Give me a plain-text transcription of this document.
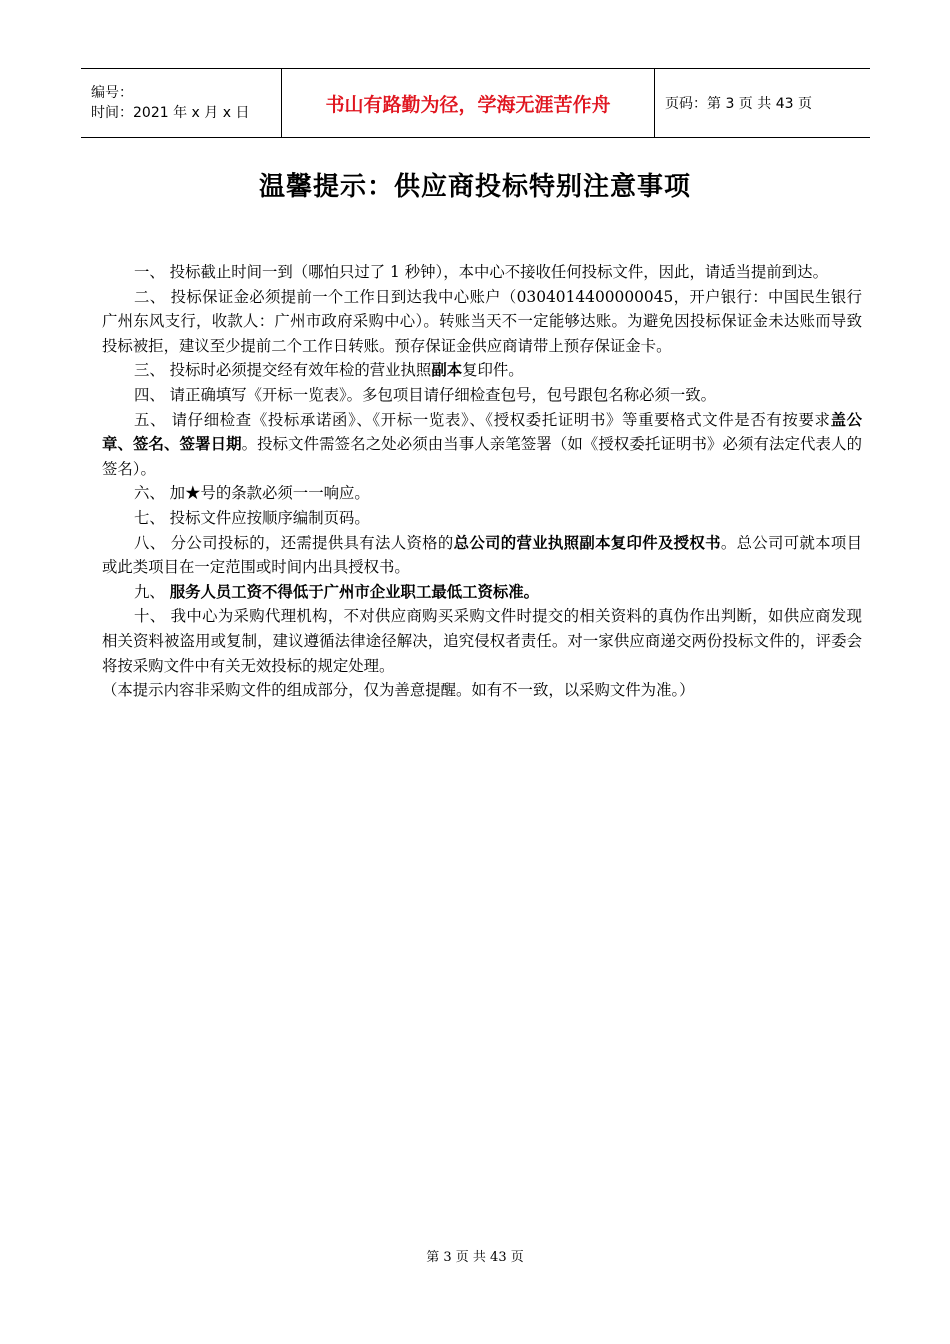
编号：
时间：2021 年 x 月 x 日	书山有路勤为径，学海无涯苦作舟	页码：第 3 页 共 43 页
温馨提示：供应商投标特别注意事项

一、 投标截止时间一到（哪怕只过了 1 秒钟），本中心不接收任何投标文件，因此，请适当提前到达。

二、 投标保证金必须提前一个工作日到达我中心账户（0304014400000045，开户银行：中国民生银行广州东风支行，收款人：广州市政府采购中心）。转账当天不一定能够达账。为避免因投标保证金未达账而导致投标被拒，建议至少提前二个工作日转账。预存保证金供应商请带上预存保证金卡。

三、 投标时必须提交经有效年检的营业执照副本复印件。

四、 请正确填写《开标一览表》。多包项目请仔细检查包号，包号跟包名称必须一致。

五、 请仔细检查《投标承诺函》、《开标一览表》、《授权委托证明书》等重要格式文件是否有按要求盖公章、签名、签署日期。投标文件需签名之处必须由当事人亲笔签署（如《授权委托证明书》必须有法定代表人的签名）。

六、 加★号的条款必须一一响应。

七、 投标文件应按顺序编制页码。

八、 分公司投标的，还需提供具有法人资格的总公司的营业执照副本复印件及授权书。总公司可就本项目或此类项目在一定范围或时间内出具授权书。

九、 服务人员工资不得低于广州市企业职工最低工资标准。

十、 我中心为采购代理机构，不对供应商购买采购文件时提交的相关资料的真伪作出判断，如供应商发现相关资料被盗用或复制，建议遵循法律途径解决，追究侵权者责任。对一家供应商递交两份投标文件的，评委会将按采购文件中有关无效投标的规定处理。

（本提示内容非采购文件的组成部分，仅为善意提醒。如有不一致，以采购文件为准。）

第 3 页 共 43 页
